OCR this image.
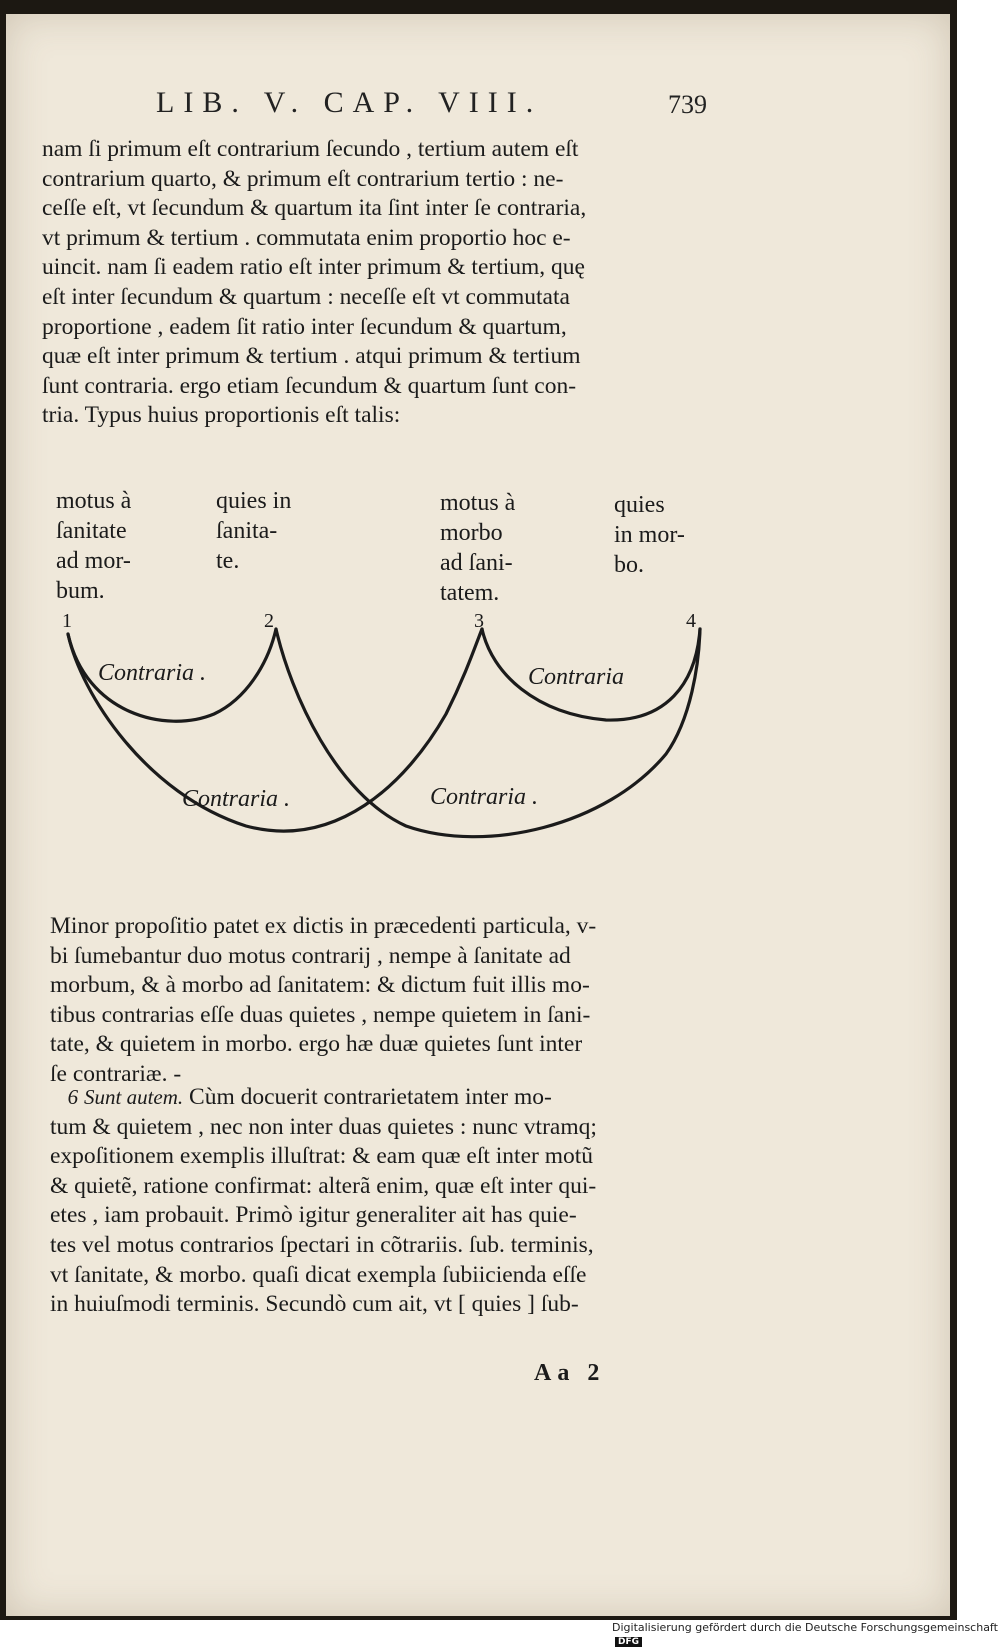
LIB. V. CAP. VIII.	739
nam ſi primum eſt contrarium ſecundo , tertium autem eſt
contrarium quarto, & primum eſt contrarium tertio : ne-
ceſſe eſt, vt ſecundum & quartum ita ſint inter ſe contraria,
vt primum & tertium . commutata enim proportio hoc e-
uincit. nam ſi eadem ratio eſt inter primum & tertium, quę
eſt inter ſecundum & quartum : neceſſe eſt vt commutata
proportione , eadem ſit ratio inter ſecundum & quartum,
quæ eſt inter primum & tertium . atqui primum & tertium
ſunt contraria. ergo etiam ſecundum & quartum ſunt con-
tria. Typus huius proportionis eſt talis:
motus à
ſanitate
ad mor-
bum.
quies in
ſanita-
te.
motus à
morbo
ad ſani-
tatem.
quies
in mor-
bo.
1	2	3	4
Contraria .	Contraria
Contraria .	Contraria .
Minor propoſitio patet ex dictis in præcedenti particula, v-
bi ſumebantur duo motus contrarij , nempe à ſanitate ad
morbum, & à morbo ad ſanitatem: & dictum fuit illis mo-
tibus contrarias eſſe duas quietes , nempe quietem in ſani-
tate, & quietem in morbo. ergo hæ duæ quietes ſunt inter
ſe contrariæ. -
6 Sunt autem. Cùm docuerit contrarietatem inter mo-
tum & quietem , nec non inter duas quietes : nunc vtramq;
expoſitionem exemplis illuſtrat: & eam quæ eſt inter motũ
& quietẽ, ratione confirmat: alterã enim, quæ eſt inter qui-
etes , iam probauit. Primò igitur generaliter ait has quie-
tes vel motus contrarios ſpectari in cõtrariis. ſub. terminis,
vt ſanitate, & morbo. quaſi dicat exempla ſubiicienda eſſe
in huiuſmodi terminis. Secundò cum ait, vt [ quies ] ſub-
Aa 2
Digitalisierung gefördert durch die Deutsche Forschungsgemeinschaft DFG
